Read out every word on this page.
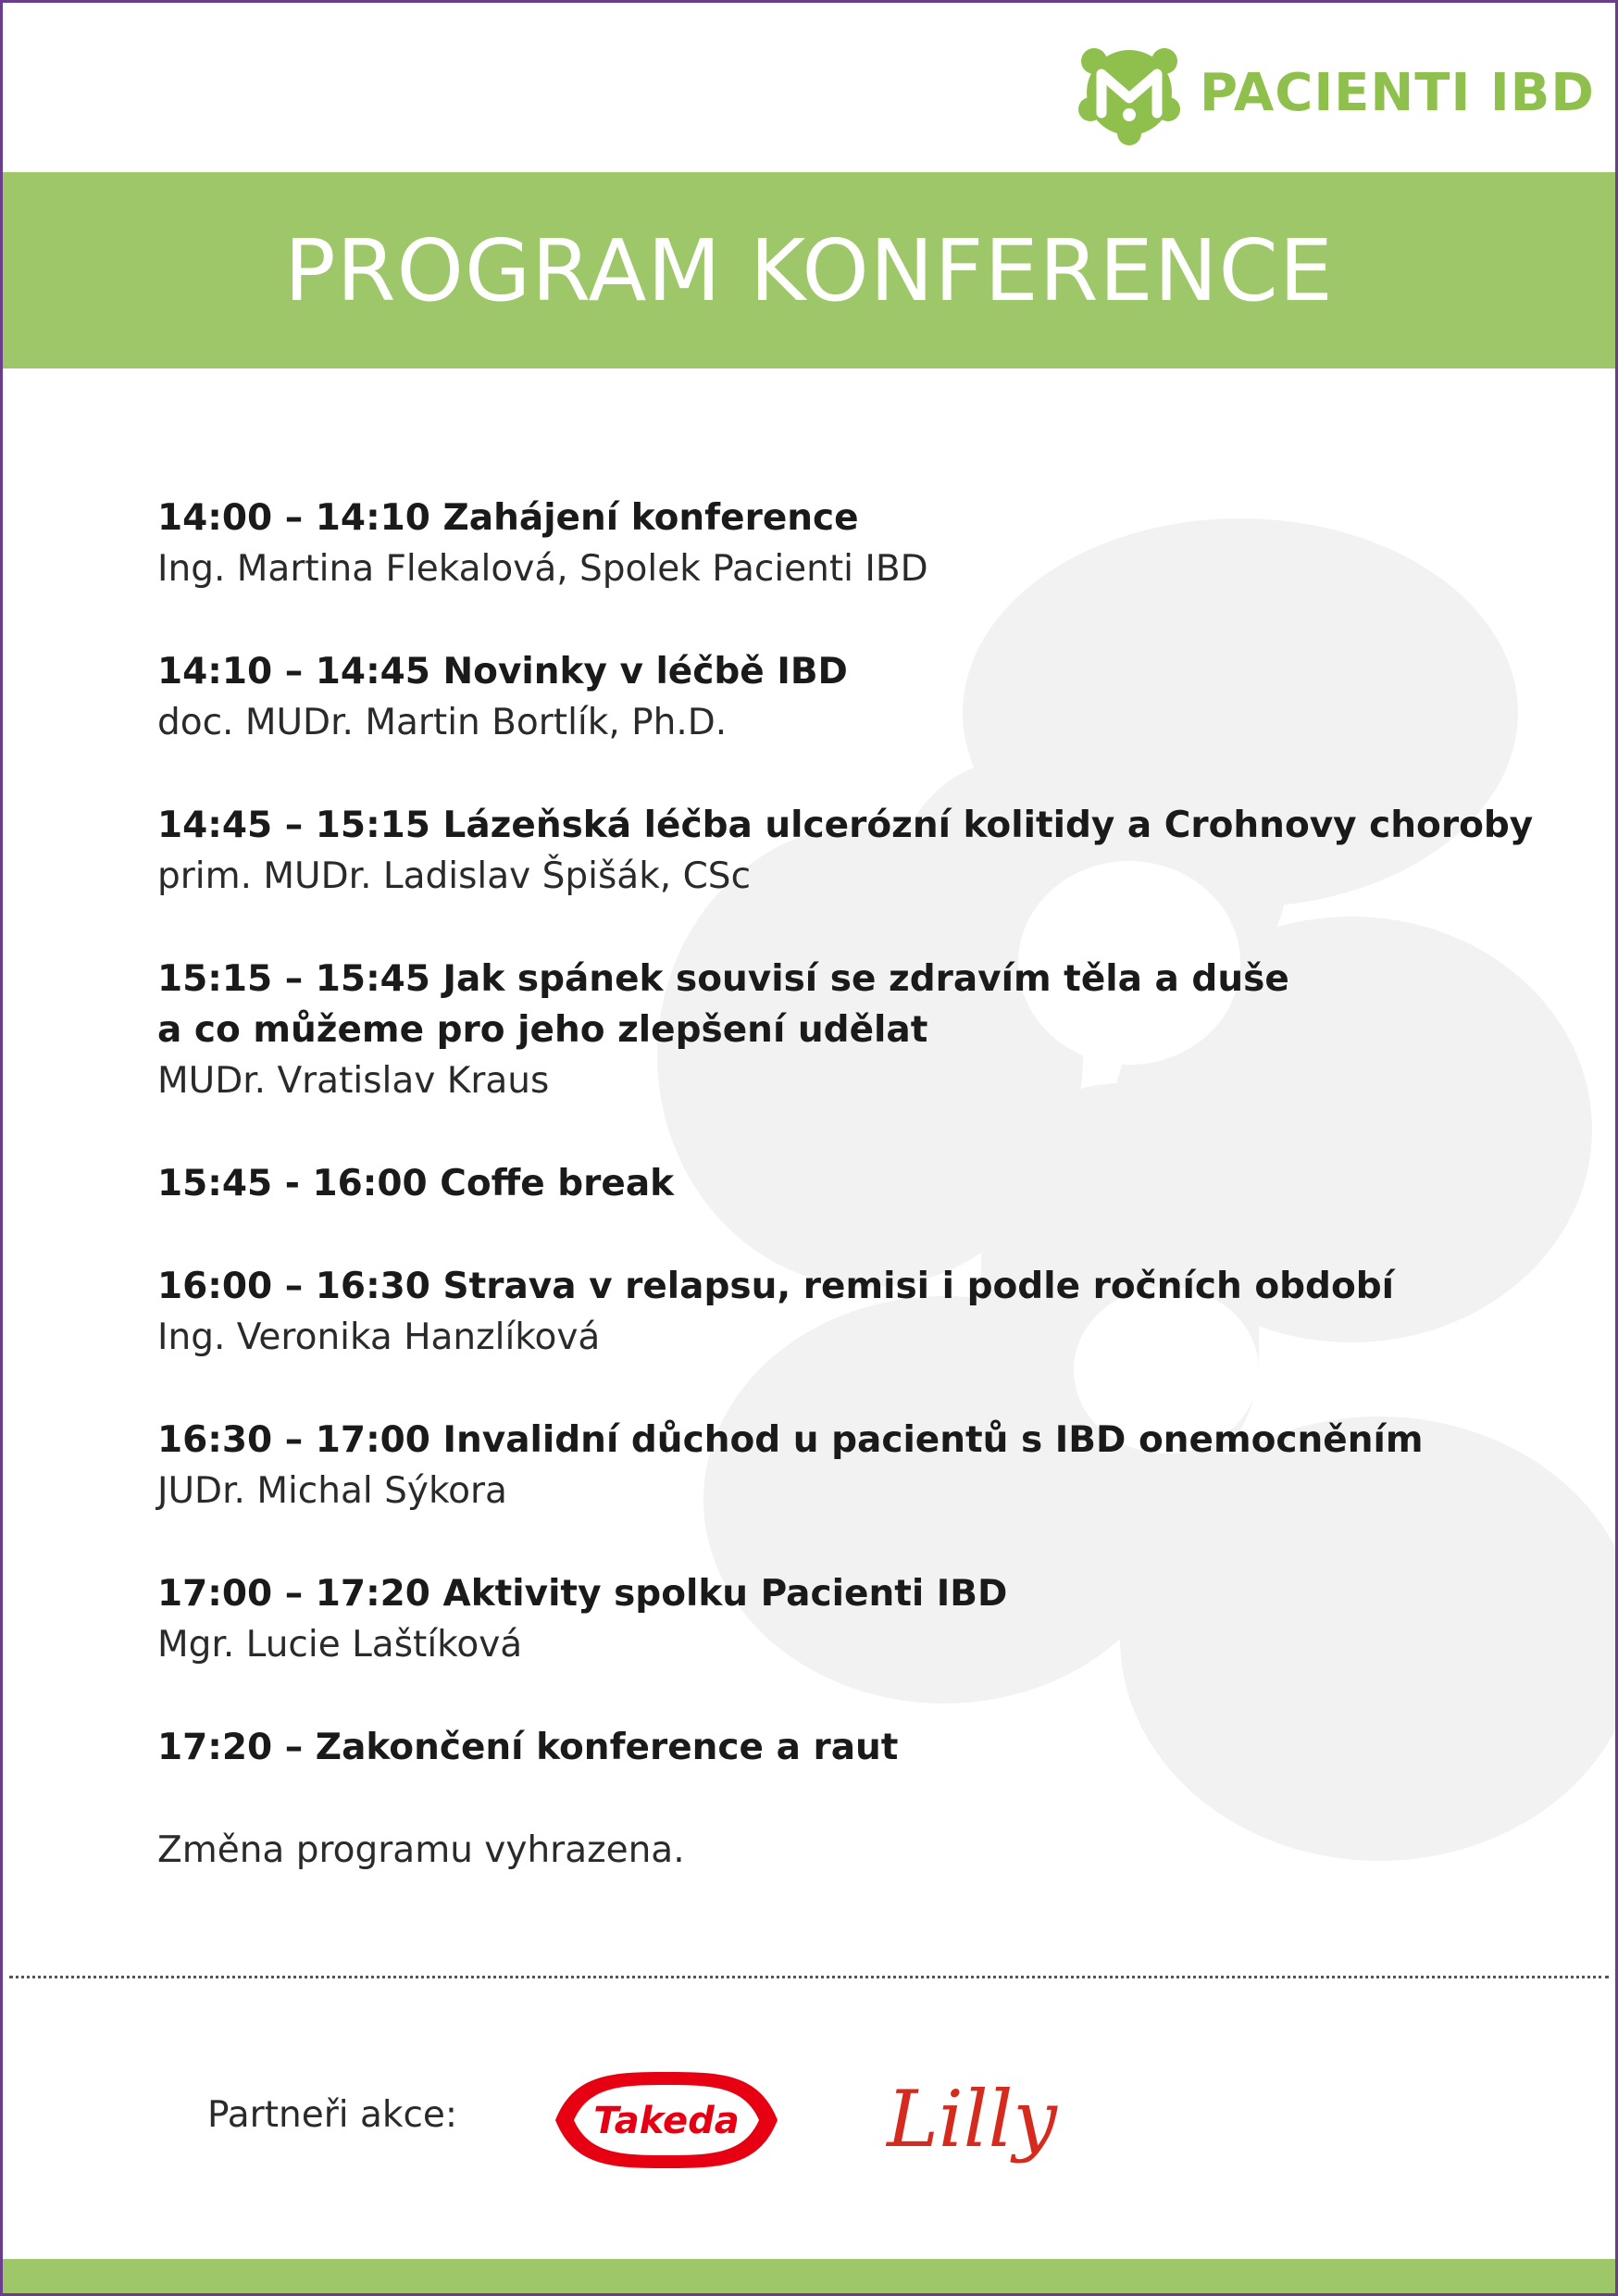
PACIENTI IBD
PROGRAM KONFERENCE
14:00 – 14:10 Zahájení konference
Ing. Martina Flekalová, Spolek Pacienti IBD
14:10 – 14:45 Novinky v léčbě IBD
doc. MUDr. Martin Bortlík, Ph.D.
14:45 – 15:15 Lázeňská léčba ulcerózní kolitidy a Crohnovy choroby
prim. MUDr. Ladislav Špišák, CSc
15:15 – 15:45 Jak spánek souvisí se zdravím těla a duše
a co můžeme pro jeho zlepšení udělat
MUDr. Vratislav Kraus
15:45 - 16:00 Coffe break
16:00 – 16:30 Strava v relapsu, remisi i podle ročních období
Ing. Veronika Hanzlíková
16:30 – 17:00 Invalidní důchod u pacientů s IBD onemocněním
JUDr. Michal Sýkora
17:00 – 17:20 Aktivity spolku Pacienti IBD
Mgr. Lucie Laštíková
17:20 – Zakončení konference a raut
Změna programu vyhrazena.
Partneři akce:	Takeda Lilly
